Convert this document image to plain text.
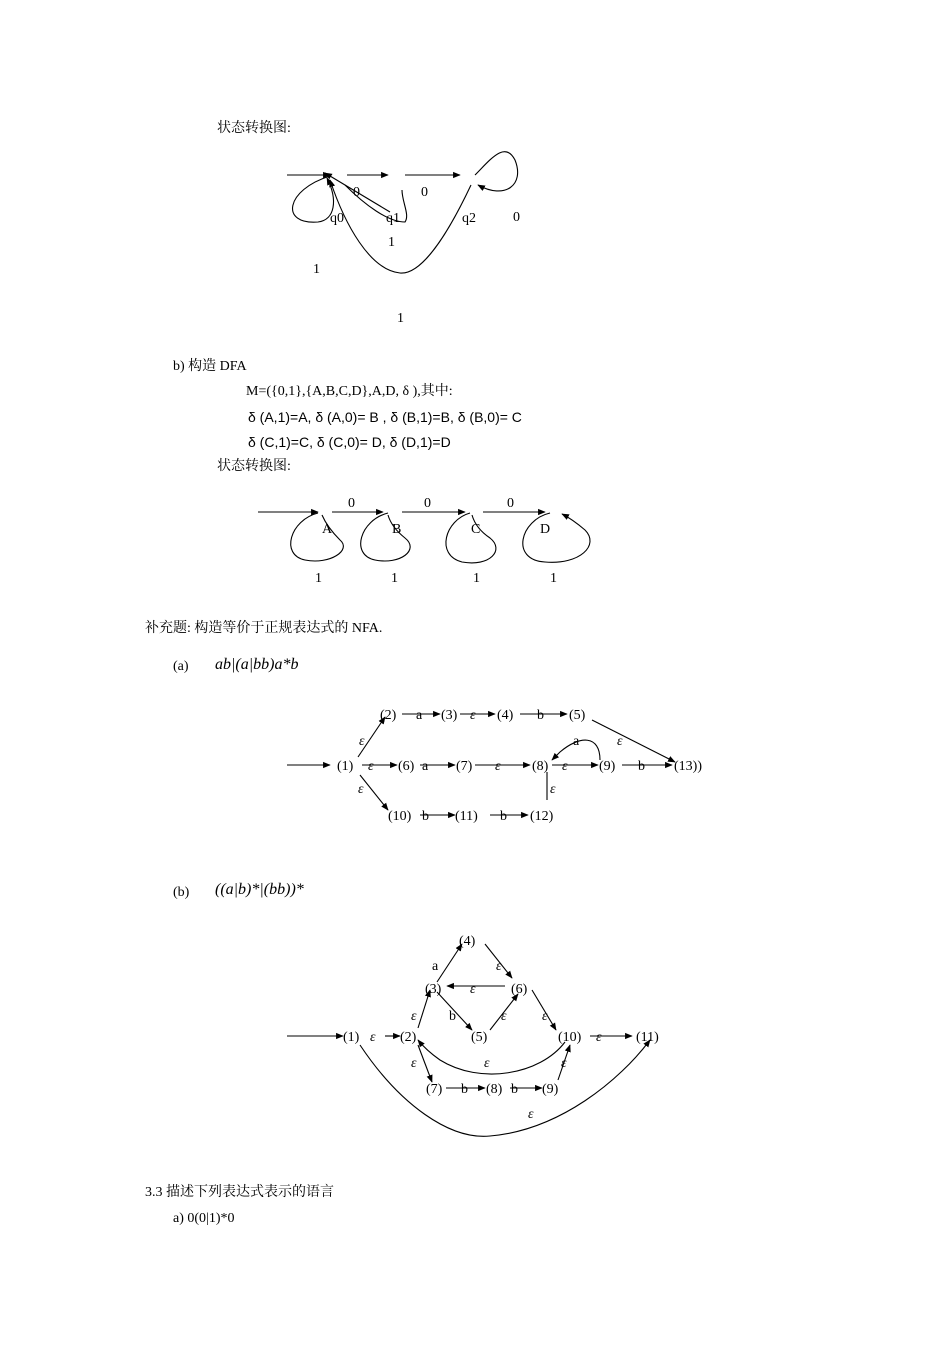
状态转换图:
0	0
0
q0	q1	q2
1
1
1
0	0	0
A	B	C	D
1	1	1	1
(2) a (3) ε (4) b (5)
ε	a	ε
(1) ε (6) a (7) ε (8) ε (9) b (13))
ε	ε
(10) b (11) b (12)
(4)
a	ε
(3) ε	(6)
ε b	ε	ε
(1) ε (2)	(5)	(10) ε (11)
ε	ε	ε
(7) b (8) b (9)
ε
b) 构造 DFA
M=({0,1},{A,B,C,D},A,D, δ ),其中:
δ (A,1)=A, δ (A,0)= B , δ (B,1)=B, δ (B,0)= C
δ (C,1)=C, δ (C,0)= D, δ (D,1)=D
状态转换图:
补充题: 构造等价于正规表达式的 NFA.
(a) ab|(a|bb)a*b
(b) ((a|b)*|(bb))*
3.3 描述下列表达式表示的语言
a) 0(0|1)*0
